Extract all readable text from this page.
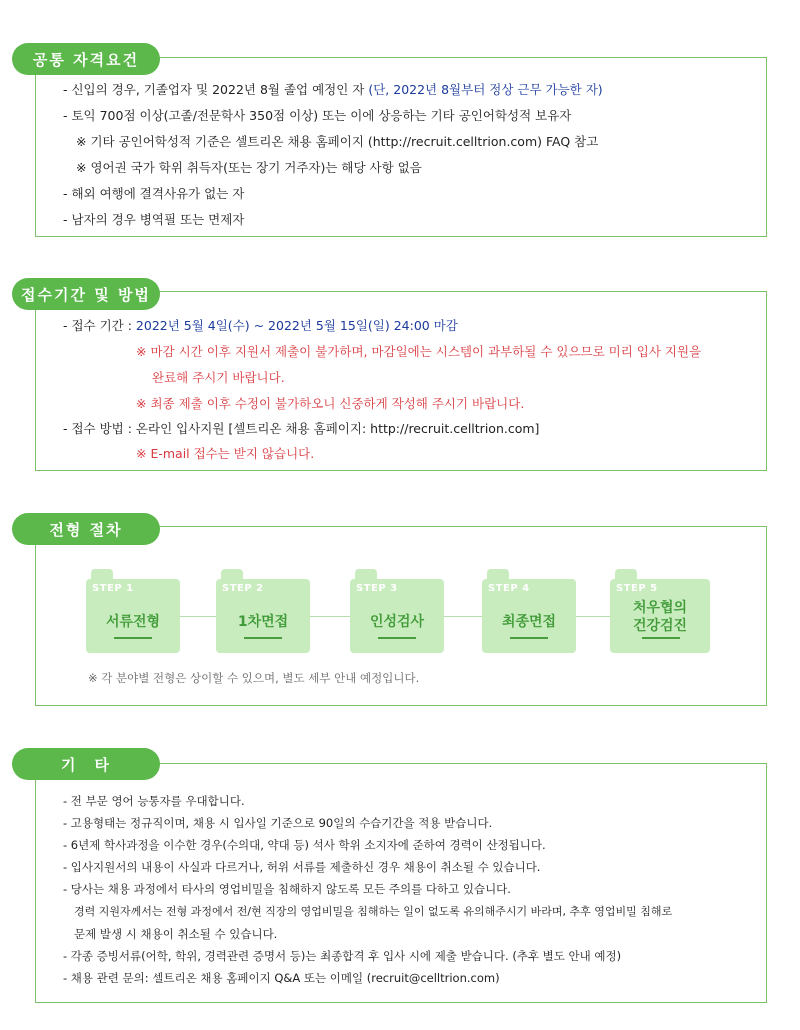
공통 자격요건
- 신입의 경우, 기졸업자 및 2022년 8월 졸업 예정인 자 (단, 2022년 8월부터 정상 근무 가능한 자)
- 토익 700점 이상(고졸/전문학사 350점 이상) 또는 이에 상응하는 기타 공인어학성적 보유자
※ 기타 공인어학성적 기준은 셀트리온 채용 홈페이지 (http://recruit.celltrion.com) FAQ 참고
※ 영어권 국가 학위 취득자(또는 장기 거주자)는 해당 사항 없음
- 해외 여행에 결격사유가 없는 자
- 남자의 경우 병역필 또는 면제자
접수기간 및 방법
- 접수 기간 : 2022년 5월 4일(수) ~ 2022년 5월 15일(일) 24:00 마감
※ 마감 시간 이후 지원서 제출이 불가하며, 마감일에는 시스템이 과부하될 수 있으므로 미리 입사 지원을
완료해 주시기 바랍니다.
※ 최종 제출 이후 수정이 불가하오니 신중하게 작성해 주시기 바랍니다.
- 접수 방법 : 온라인 입사지원 [셀트리온 채용 홈페이지: http://recruit.celltrion.com]
※ E-mail 접수는 받지 않습니다.
전형 절차
STEP 1
서류전형
STEP 2
1차면접
STEP 3
인성검사
STEP 4
최종면접
STEP 5
처우협의
건강검진
※ 각 분야별 전형은 상이할 수 있으며, 별도 세부 안내 예정입니다.
기　타
- 전 부문 영어 능통자를 우대합니다.
- 고용형태는 정규직이며, 채용 시 입사일 기준으로 90일의 수습기간을 적용 받습니다.
- 6년제 학사과정을 이수한 경우(수의대, 약대 등) 석사 학위 소지자에 준하여 경력이 산정됩니다.
- 입사지원서의 내용이 사실과 다르거나, 허위 서류를 제출하신 경우 채용이 취소될 수 있습니다.
- 당사는 채용 과정에서 타사의 영업비밀을 침해하지 않도록 모든 주의를 다하고 있습니다.
경력 지원자께서는 전형 과정에서 전/현 직장의 영업비밀을 침해하는 일이 없도록 유의해주시기 바라며, 추후 영업비밀 침해로
문제 발생 시 채용이 취소될 수 있습니다.
- 각종 증빙서류(어학, 학위, 경력관련 증명서 등)는 최종합격 후 입사 시에 제출 받습니다. (추후 별도 안내 예정)
- 채용 관련 문의: 셀트리온 채용 홈페이지 Q&A 또는 이메일 (recruit@celltrion.com)
